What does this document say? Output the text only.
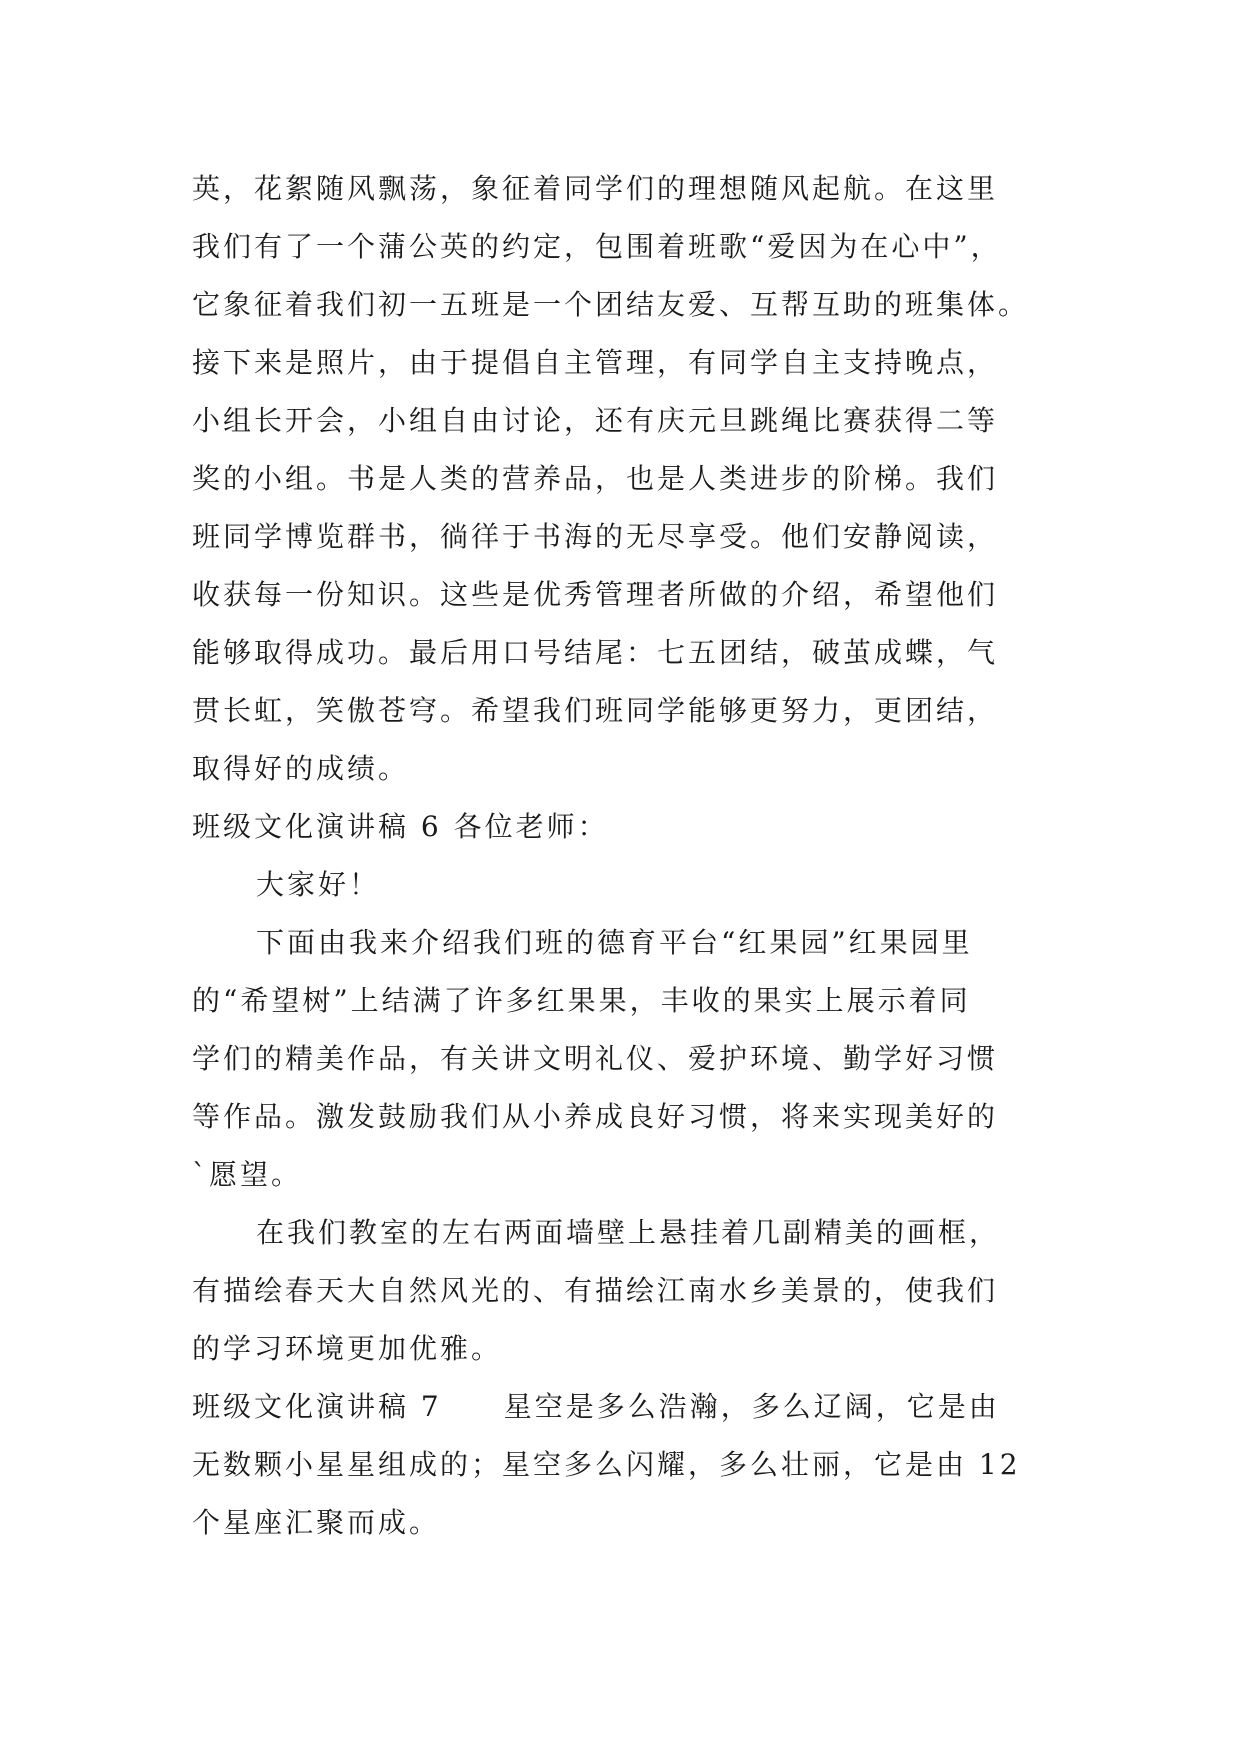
英，花絮随风飘荡，象征着同学们的理想随风起航。在这里
我们有了一个蒲公英的约定，包围着班歌“爱因为在心中”，
它象征着我们初一五班是一个团结友爱、互帮互助的班集体。
接下来是照片，由于提倡自主管理，有同学自主支持晚点，
小组长开会，小组自由讨论，还有庆元旦跳绳比赛获得二等
奖的小组。书是人类的营养品，也是人类进步的阶梯。我们
班同学博览群书，徜徉于书海的无尽享受。他们安静阅读，
收获每一份知识。这些是优秀管理者所做的介绍，希望他们
能够取得成功。最后用口号结尾：七五团结，破茧成蝶，气
贯长虹，笑傲苍穹。希望我们班同学能够更努力，更团结，
取得好的成绩。
班级文化演讲稿 6 各位老师：
大家好！
下面由我来介绍我们班的德育平台“红果园”红果园里
的“希望树”上结满了许多红果果，丰收的果实上展示着同
学们的精美作品，有关讲文明礼仪、爱护环境、勤学好习惯
等作品。激发鼓励我们从小养成良好习惯，将来实现美好的
`愿望。
在我们教室的左右两面墙壁上悬挂着几副精美的画框，
有描绘春天大自然风光的、有描绘江南水乡美景的，使我们
的学习环境更加优雅。
班级文化演讲稿 7　　星空是多么浩瀚，多么辽阔，它是由
无数颗小星星组成的；星空多么闪耀，多么壮丽，它是由 12
个星座汇聚而成。
